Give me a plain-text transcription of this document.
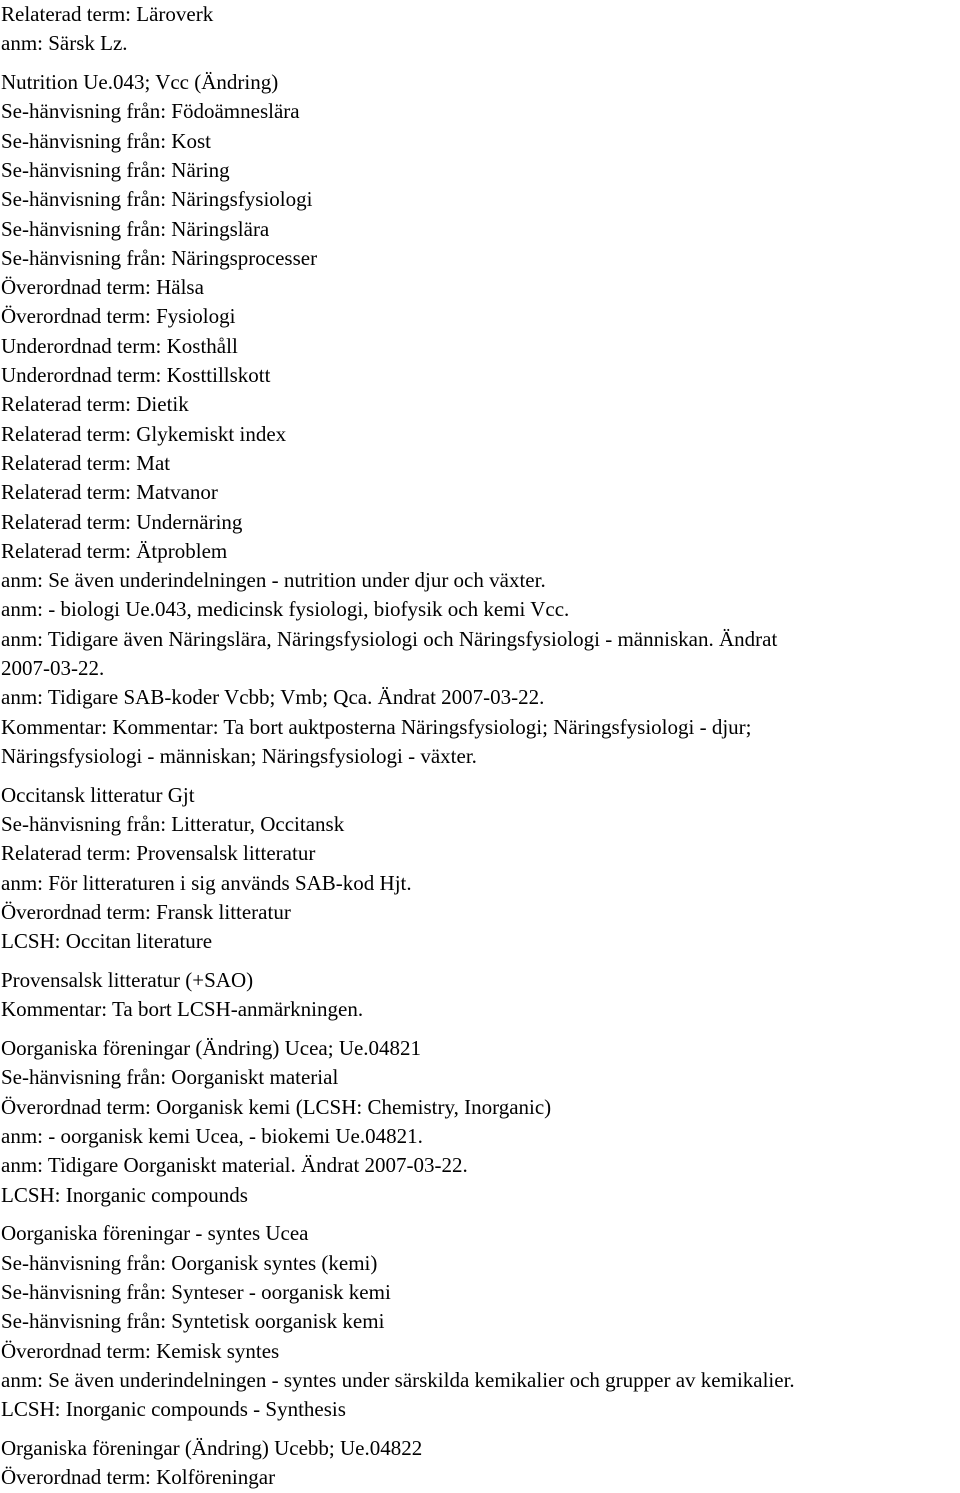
Relaterad term: Läroverk
anm: Särsk Lz.
Nutrition Ue.043; Vcc (Ändring)
Se-hänvisning från: Födoämneslära
Se-hänvisning från: Kost
Se-hänvisning från: Näring
Se-hänvisning från: Näringsfysiologi
Se-hänvisning från: Näringslära
Se-hänvisning från: Näringsprocesser
Överordnad term: Hälsa
Överordnad term: Fysiologi
Underordnad term: Kosthåll
Underordnad term: Kosttillskott
Relaterad term: Dietik
Relaterad term: Glykemiskt index
Relaterad term: Mat
Relaterad term: Matvanor
Relaterad term: Undernäring
Relaterad term: Ätproblem
anm: Se även underindelningen - nutrition under djur och växter.
anm: - biologi Ue.043, medicinsk fysiologi, biofysik och kemi Vcc.
anm: Tidigare även Näringslära, Näringsfysiologi och Näringsfysiologi - människan. Ändrat
2007-03-22.
anm: Tidigare SAB-koder Vcbb; Vmb; Qca. Ändrat 2007-03-22.
Kommentar: Kommentar: Ta bort auktposterna Näringsfysiologi; Näringsfysiologi - djur;
Näringsfysiologi - människan; Näringsfysiologi - växter.
Occitansk litteratur Gjt
Se-hänvisning från: Litteratur, Occitansk
Relaterad term: Provensalsk litteratur
anm: För litteraturen i sig används SAB-kod Hjt.
Överordnad term: Fransk litteratur
LCSH: Occitan literature
Provensalsk litteratur (+SAO)
Kommentar: Ta bort LCSH-anmärkningen.
Oorganiska föreningar (Ändring) Ucea; Ue.04821
Se-hänvisning från: Oorganiskt material
Överordnad term: Oorganisk kemi (LCSH: Chemistry, Inorganic)
anm: - oorganisk kemi Ucea, - biokemi Ue.04821.
anm: Tidigare Oorganiskt material. Ändrat 2007-03-22.
LCSH: Inorganic compounds
Oorganiska föreningar - syntes Ucea
Se-hänvisning från: Oorganisk syntes (kemi)
Se-hänvisning från: Synteser - oorganisk kemi
Se-hänvisning från: Syntetisk oorganisk kemi
Överordnad term: Kemisk syntes
anm: Se även underindelningen - syntes under särskilda kemikalier och grupper av kemikalier.
LCSH: Inorganic compounds - Synthesis
Organiska föreningar (Ändring) Ucebb; Ue.04822
Överordnad term: Kolföreningar
